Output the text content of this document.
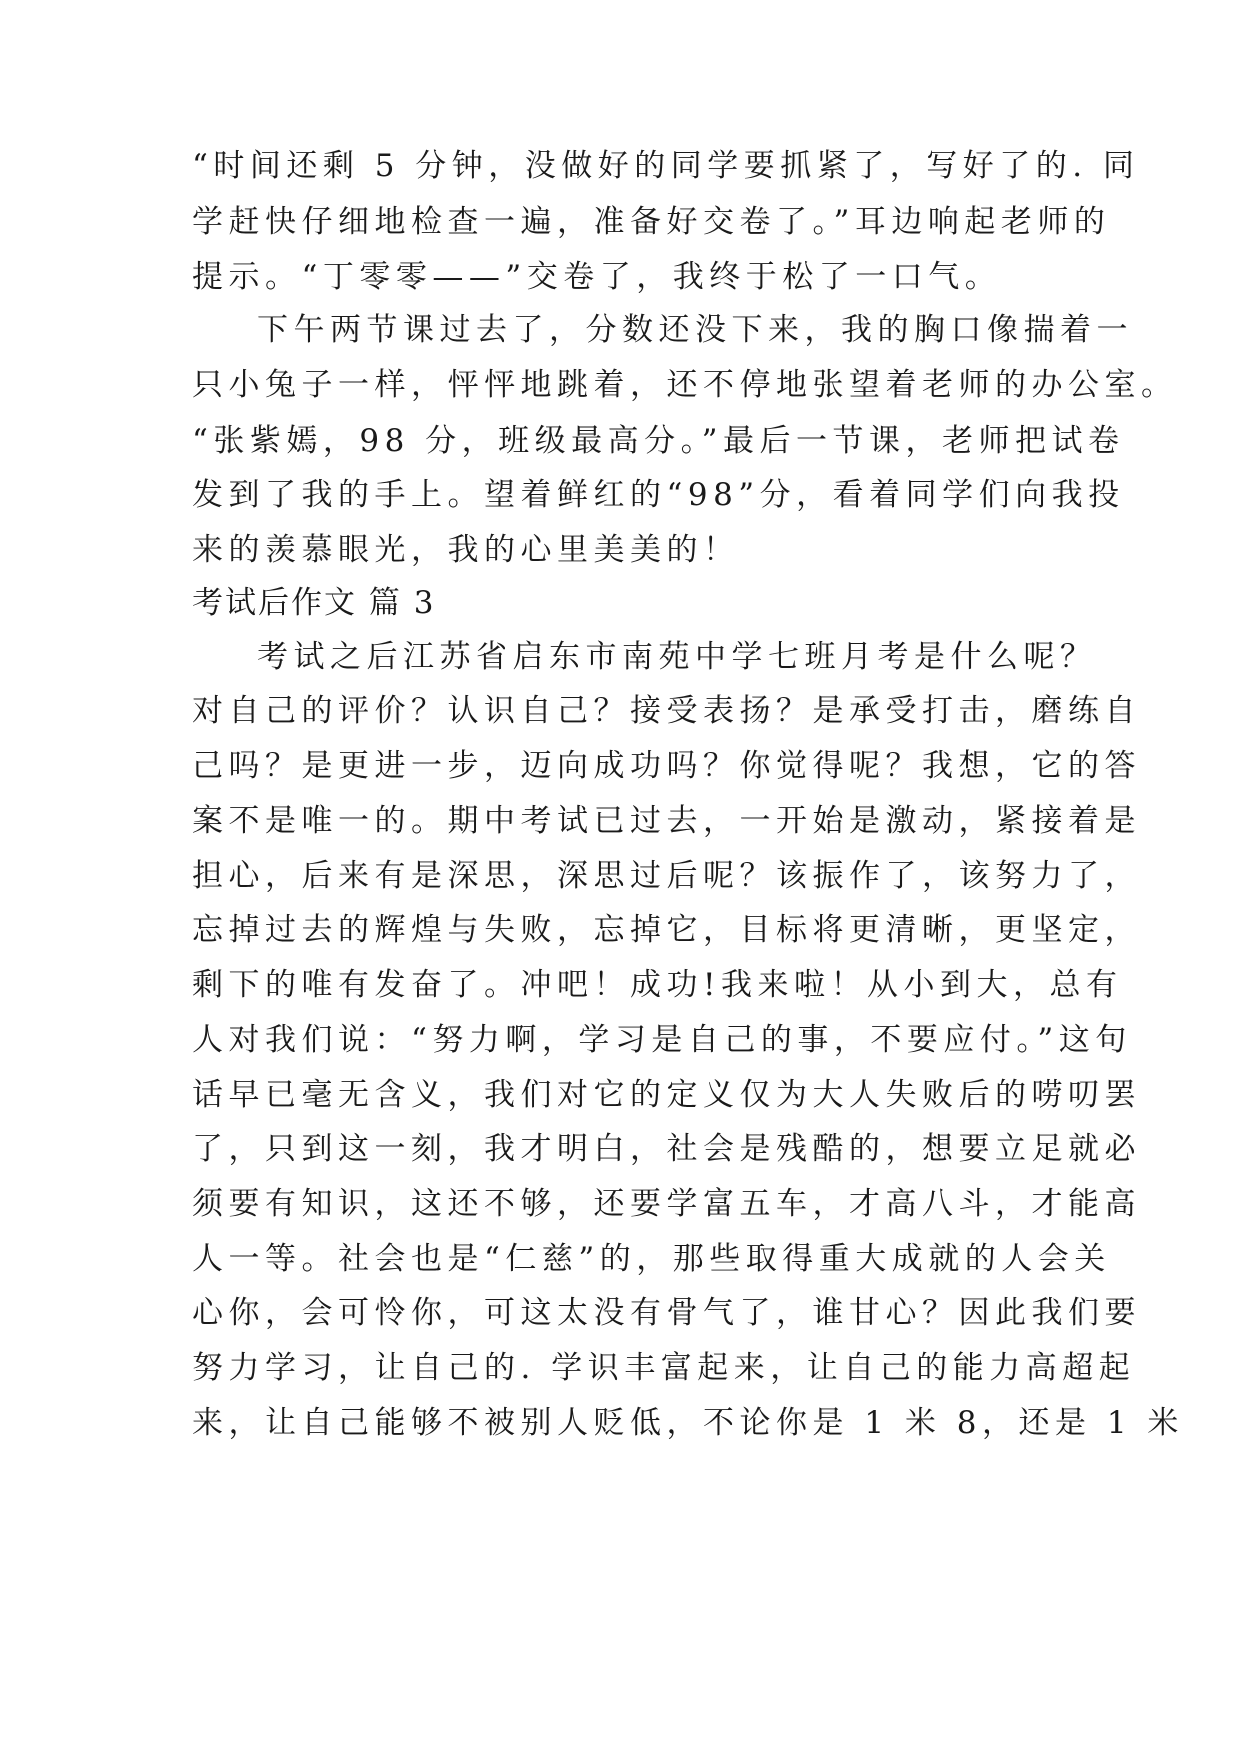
“时间还剩 5 分钟，没做好的同学要抓紧了，写好了的. 同
学赶快仔细地检查一遍，准备好交卷了。”耳边响起老师的
提示。“丁零零——”交卷了，我终于松了一口气。
下午两节课过去了，分数还没下来，我的胸口像揣着一
只小兔子一样，怦怦地跳着，还不停地张望着老师的办公室。
“张紫嫣，98 分，班级最高分。”最后一节课，老师把试卷
发到了我的手上。望着鲜红的“98”分，看着同学们向我投
来的羡慕眼光，我的心里美美的！
考试后作文 篇 3
考试之后江苏省启东市南苑中学七班月考是什么呢？
对自己的评价？认识自己？接受表扬？是承受打击，磨练自
己吗？是更进一步，迈向成功吗？你觉得呢？我想，它的答
案不是唯一的。期中考试已过去，一开始是激动，紧接着是
担心，后来有是深思，深思过后呢？该振作了，该努力了，
忘掉过去的辉煌与失败，忘掉它，目标将更清晰，更坚定，
剩下的唯有发奋了。冲吧！成功!我来啦！从小到大，总有
人对我们说：“努力啊，学习是自己的事，不要应付。”这句
话早已毫无含义，我们对它的定义仅为大人失败后的唠叨罢
了，只到这一刻，我才明白，社会是残酷的，想要立足就必
须要有知识，这还不够，还要学富五车，才高八斗，才能高
人一等。社会也是“仁慈”的，那些取得重大成就的人会关
心你，会可怜你，可这太没有骨气了，谁甘心？因此我们要
努力学习，让自己的. 学识丰富起来，让自己的能力高超起
来，让自己能够不被别人贬低，不论你是 1 米 8，还是 1 米
